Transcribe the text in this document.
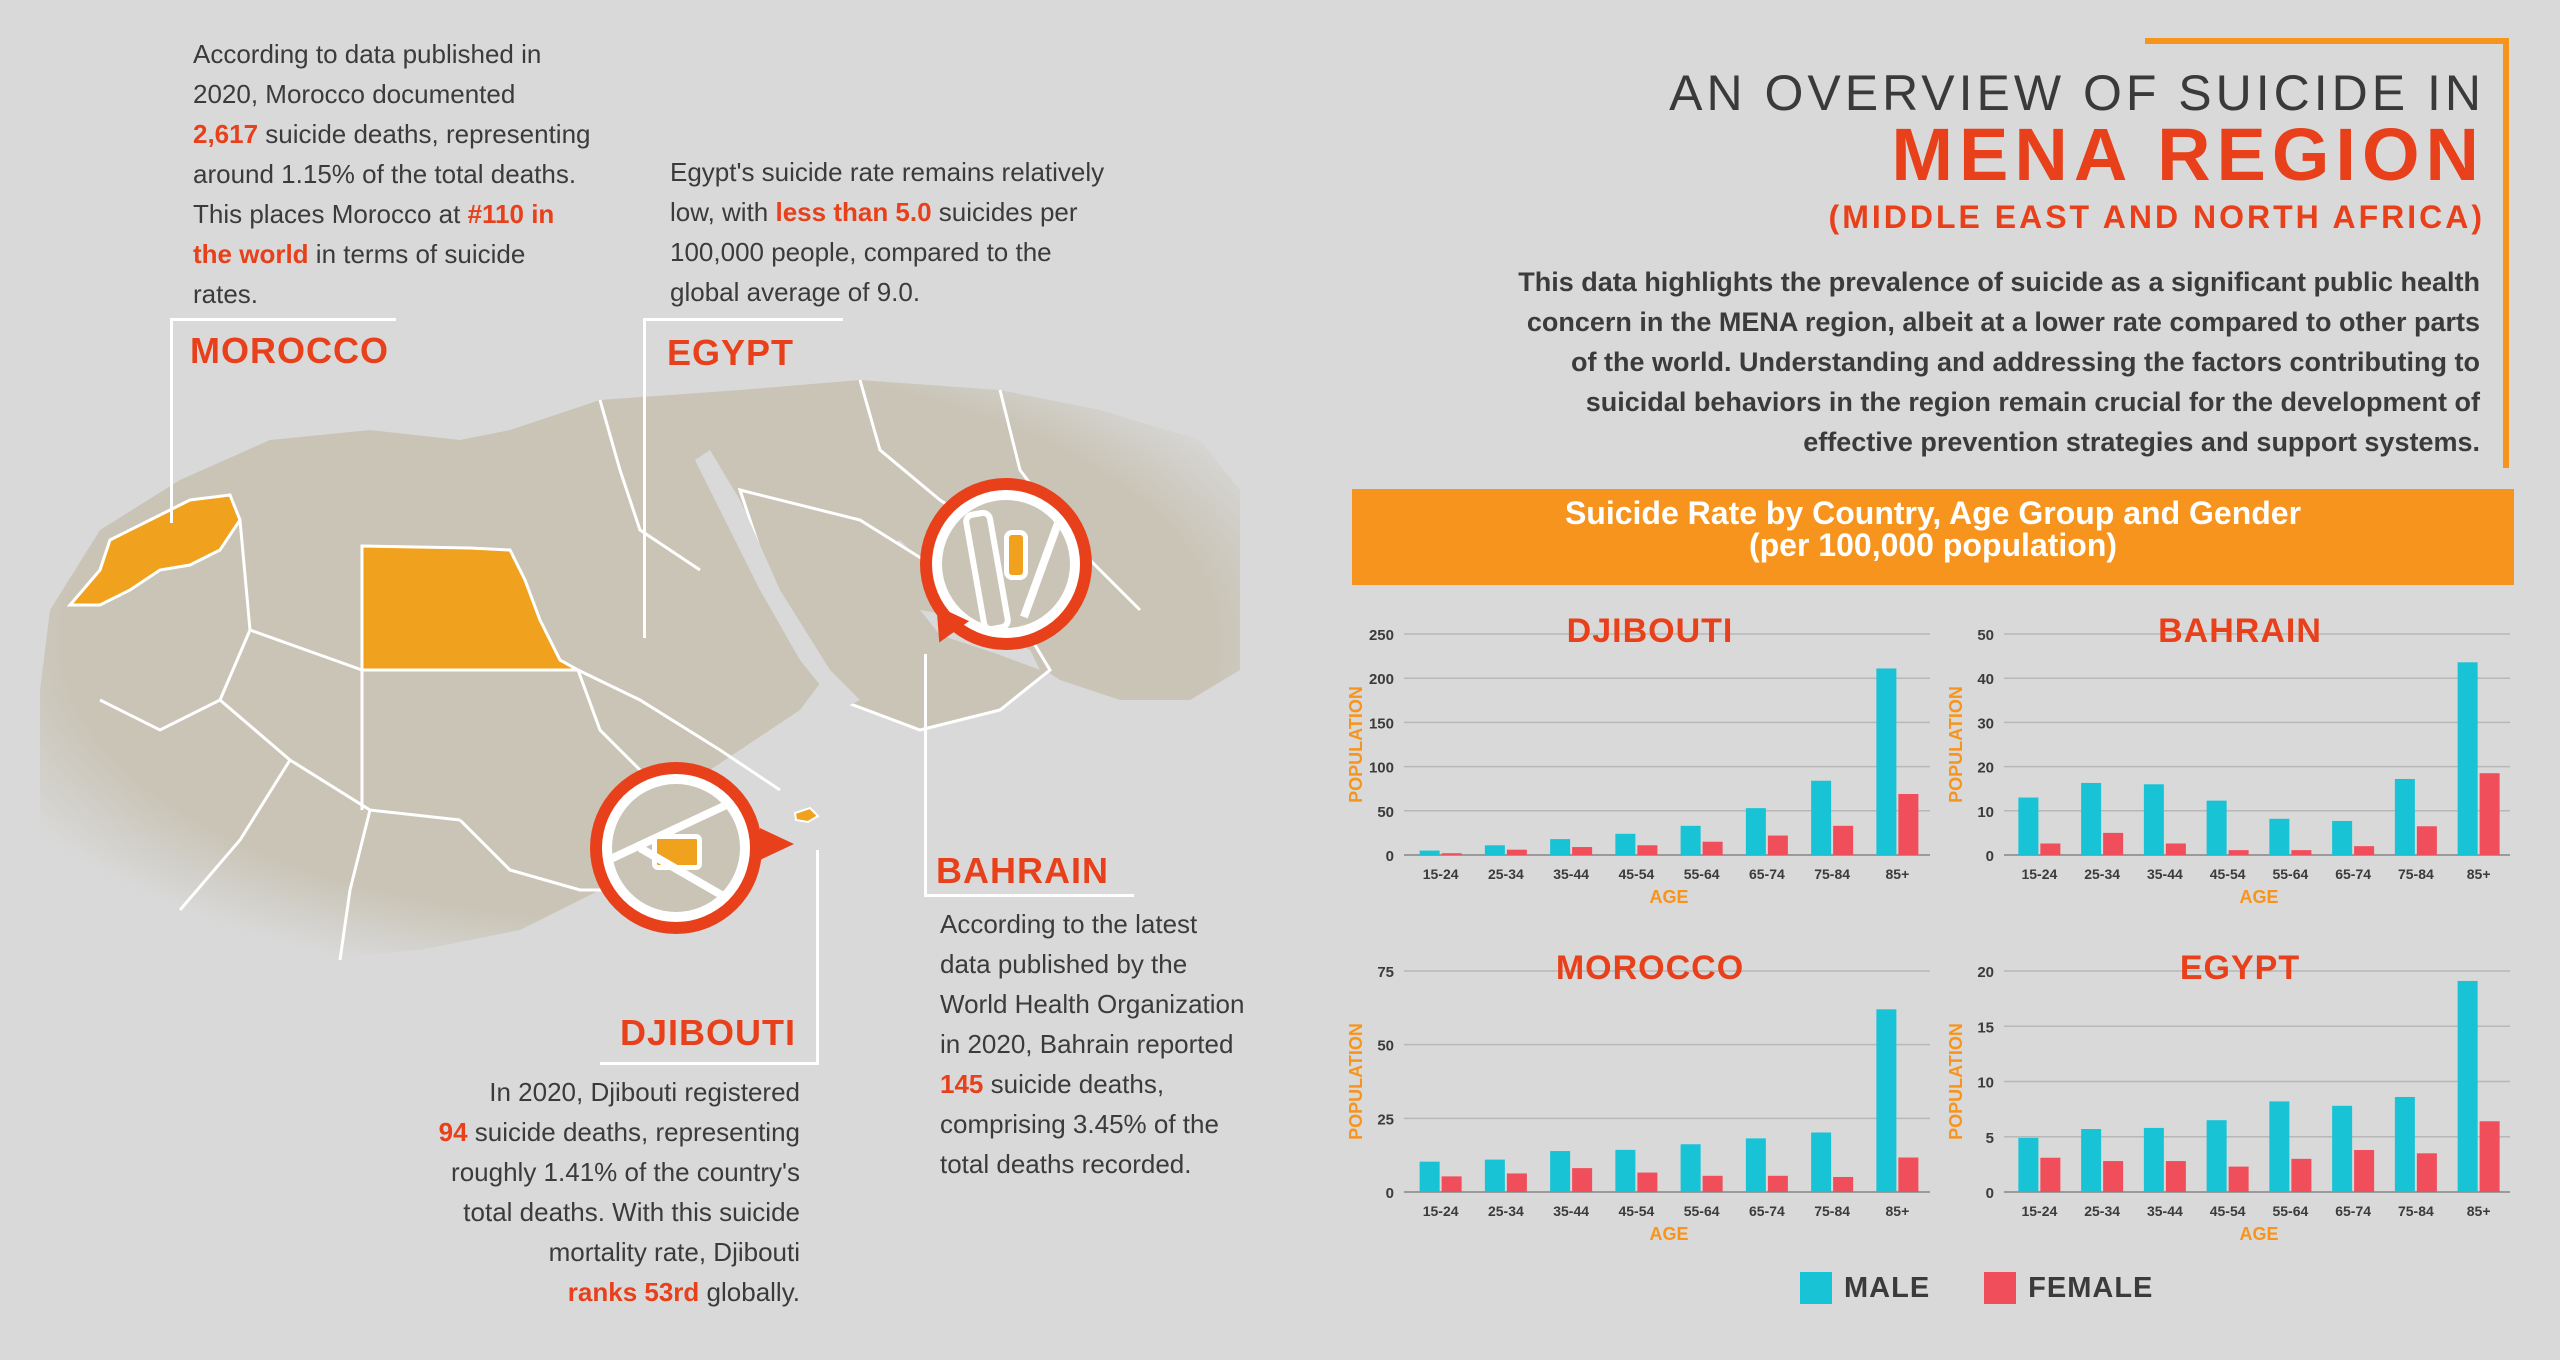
MOROCCO	EGYPT
BAHRAIN
DJIBOUTI
According to data published in
2020, Morocco documented
2,617 suicide deaths, representing
around 1.15% of the total deaths.
This places Morocco at #110 in
the world in terms of suicide
rates.
Egypt's suicide rate remains relatively
low, with less than 5.0 suicides per
100,000 people, compared to the
global average of 9.0.
According to the latest
data published by the
World Health Organization
in 2020, Bahrain reported
145 suicide deaths,
comprising 3.45% of the
total deaths recorded.
In 2020, Djibouti registered
94 suicide deaths, representing
roughly 1.41% of the country's
total deaths. With this suicide
mortality rate, Djibouti
ranks 53rd globally.
AN OVERVIEW OF SUICIDE IN
MENA REGION
(MIDDLE EAST AND NORTH AFRICA)
This data highlights the prevalence of suicide as a significant public health
concern in the MENA region, albeit at a lower rate compared to other parts
of the world. Understanding and addressing the factors contributing to
suicidal behaviors in the region remain crucial for the development of
effective prevention strategies and support systems.
Suicide Rate by Country, Age Group and Gender
(per 100,000 population)
DJIBOUTI
0
50
100
150
200
250
15-24 25-34 35-44 45-54 55-64 65-74 75-84	85+
AGE
POPULATION
BAHRAIN
0
10
20
30
40
50
15-24 25-34 35-44 45-54 55-64 65-74 75-84 85+
AGE
POPULATION
MOROCCO
0
25
50
75
15-24 25-34 35-44 45-54 55-64 65-74 75-84	85+
AGE
POPULATION
EGYPT
0
5
10
15
20
15-24 25-34 35-44 45-54 55-64 65-74 75-84 85+
AGE
POPULATION
MALE	FEMALE
